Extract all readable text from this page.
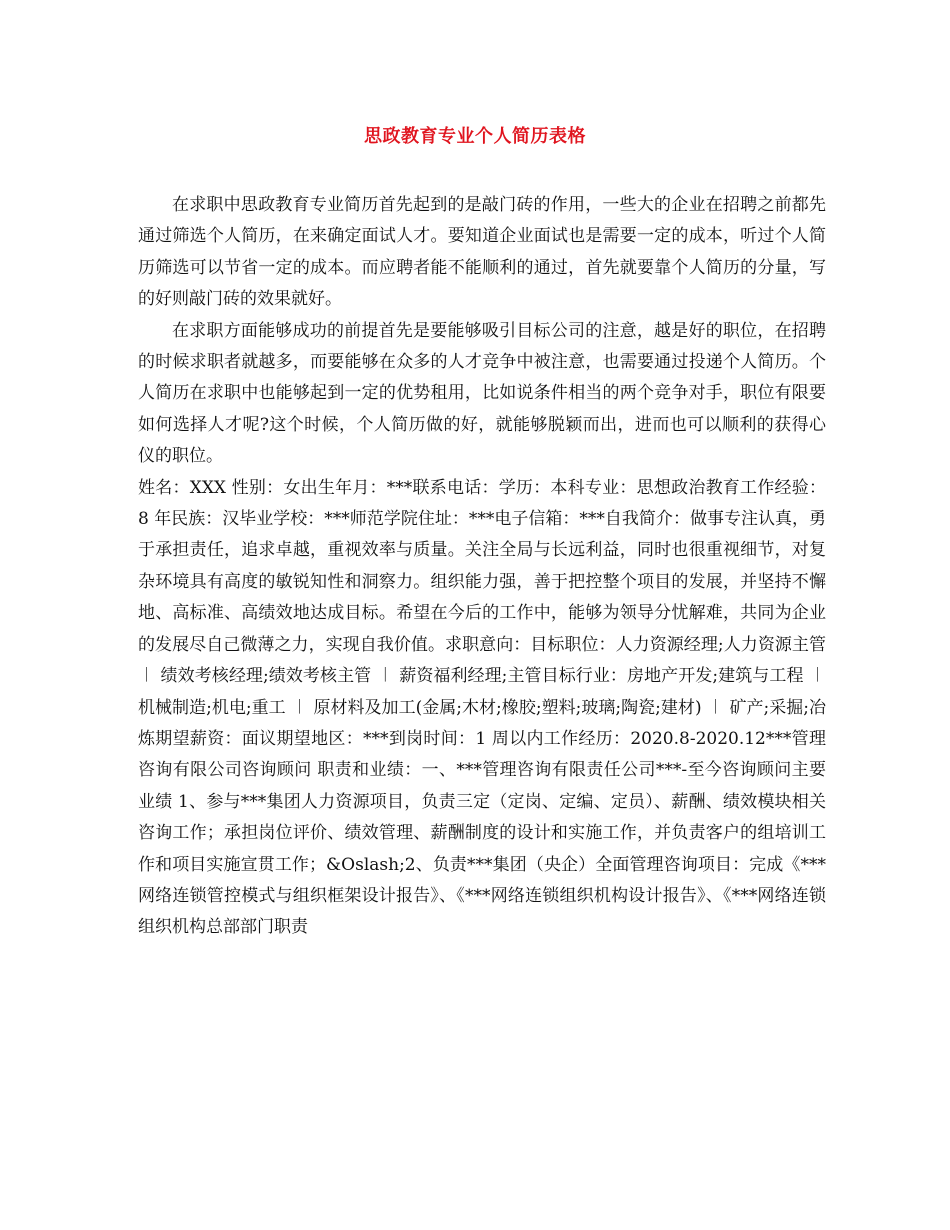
思政教育专业个人简历表格

在求职中思政教育专业简历首先起到的是敲门砖的作用，一些大的企业在招聘之前都先通过筛选个人简历，在来确定面试人才。要知道企业面试也是需要一定的成本，听过个人简历筛选可以节省一定的成本。而应聘者能不能顺利的通过，首先就要靠个人简历的分量，写的好则敲门砖的效果就好。

在求职方面能够成功的前提首先是要能够吸引目标公司的注意，越是好的职位，在招聘的时候求职者就越多，而要能够在众多的人才竞争中被注意，也需要通过投递个人简历。个人简历在求职中也能够起到一定的优势租用，比如说条件相当的两个竞争对手，职位有限要如何选择人才呢?这个时候，个人简历做的好，就能够脱颖而出，进而也可以顺利的获得心仪的职位。

姓名：XXX 性别：女出生年月：***联系电话：学历：本科专业：思想政治教育工作经验：8 年民族：汉毕业学校：***师范学院住址：***电子信箱：***自我简介：做事专注认真，勇于承担责任，追求卓越，重视效率与质量。关注全局与长远利益，同时也很重视细节，对复杂环境具有高度的敏锐知性和洞察力。组织能力强，善于把控整个项目的发展，并坚持不懈地、高标准、高绩效地达成目标。希望在今后的工作中，能够为领导分忧解难，共同为企业的发展尽自己微薄之力，实现自我价值。求职意向：目标职位：人力资源经理;人力资源主管 ︱ 绩效考核经理;绩效考核主管 ︱ 薪资福利经理;主管目标行业：房地产开发;建筑与工程 ︱ 机械制造;机电;重工 ︱ 原材料及加工(金属;木材;橡胶;塑料;玻璃;陶瓷;建材) ︱ 矿产;采掘;冶炼期望薪资：面议期望地区：***到岗时间：1 周以内工作经历：2020.8-2020.12***管理咨询有限公司咨询顾问 职责和业绩：一、***管理咨询有限责任公司***-至今咨询顾问主要业绩 1、参与***集团人力资源项目，负责三定（定岗、定编、定员）、薪酬、绩效模块相关咨询工作；承担岗位评价、绩效管理、薪酬制度的设计和实施工作，并负责客户的组培训工作和项目实施宣贯工作；&Oslash;2、负责***集团（央企）全面管理咨询项目：完成《***网络连锁管控模式与组织框架设计报告》、《***网络连锁组织机构设计报告》、《***网络连锁组织机构总部部门职责
